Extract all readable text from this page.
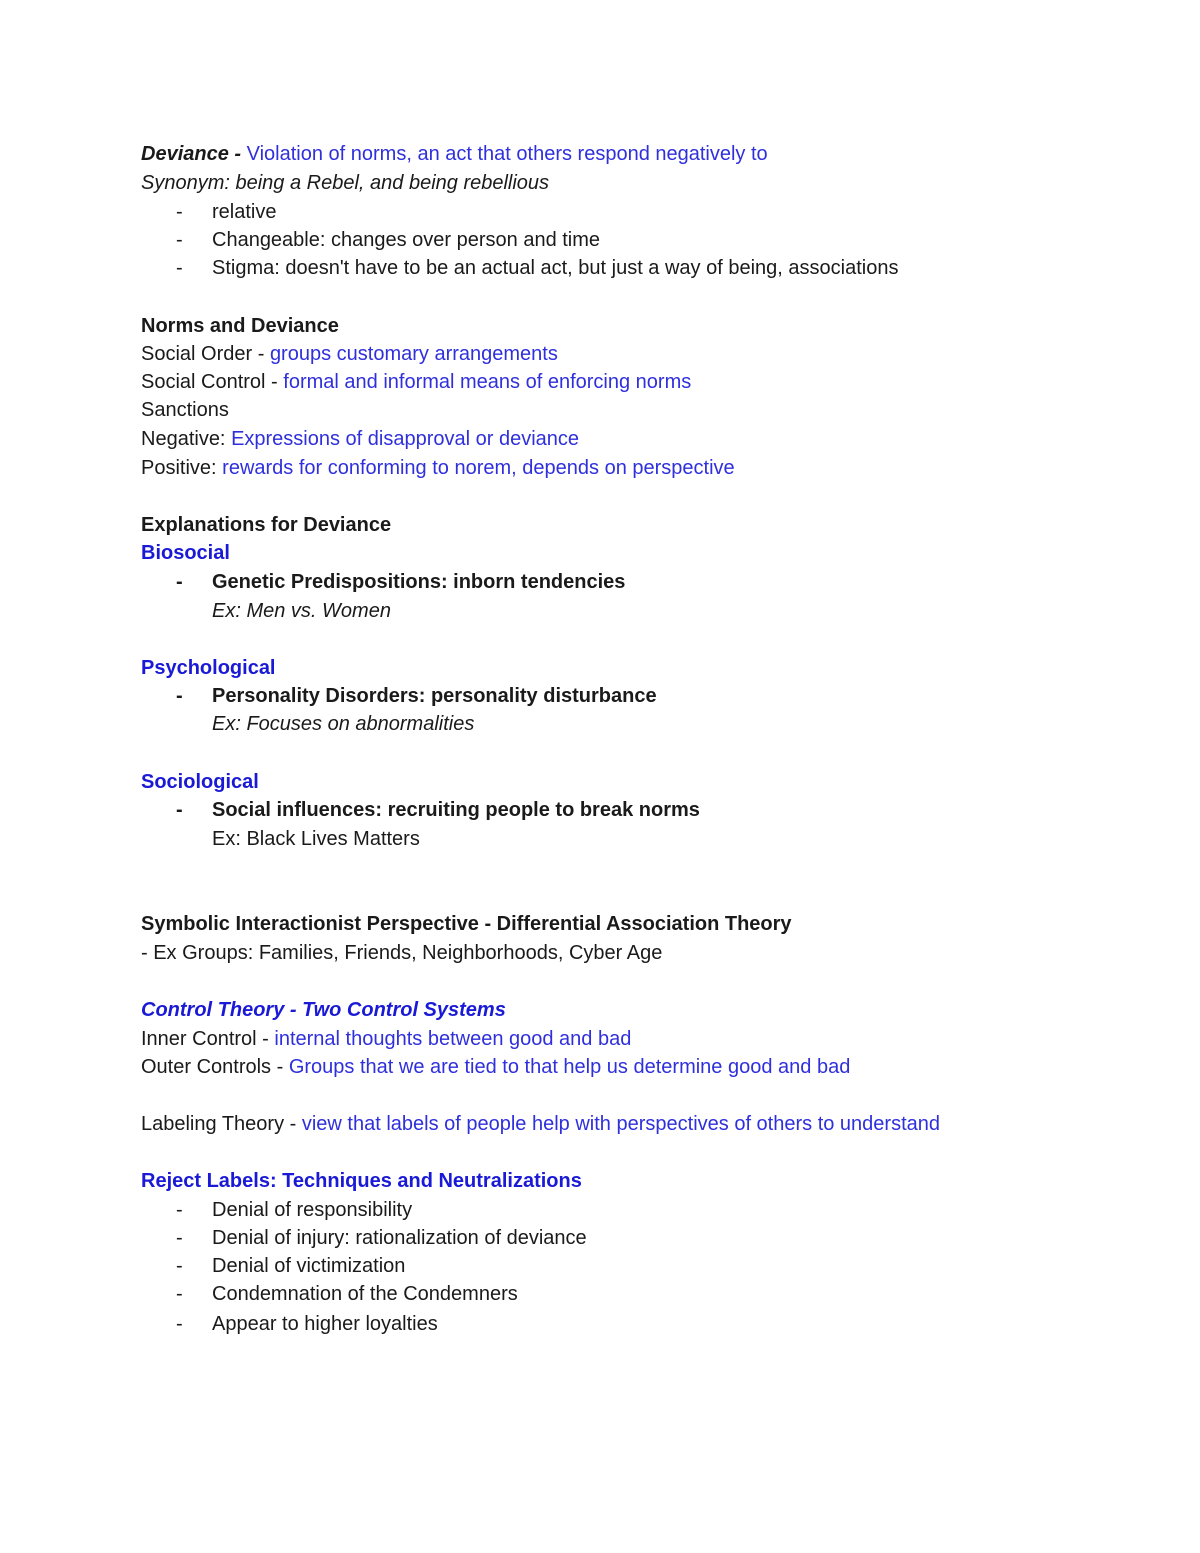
Deviance - Violation of norms, an act that others respond negatively to
Synonym: being a Rebel, and being rebellious
- relative
- Changeable: changes over person and time
- Stigma: doesn't have to be an actual act, but just a way of being, associations
Norms and Deviance
Social Order - groups customary arrangements
Social Control - formal and informal means of enforcing norms
Sanctions
Negative: Expressions of disapproval or deviance
Positive: rewards for conforming to norem, depends on perspective
Explanations for Deviance
Biosocial
- Genetic Predispositions: inborn tendencies
Ex: Men vs. Women
Psychological
- Personality Disorders: personality disturbance
Ex: Focuses on abnormalities
Sociological
- Social influences: recruiting people to break norms
Ex: Black Lives Matters
Symbolic Interactionist Perspective - Differential Association Theory
- Ex Groups: Families, Friends, Neighborhoods, Cyber Age
Control Theory - Two Control Systems
Inner Control - internal thoughts between good and bad
Outer Controls - Groups that we are tied to that help us determine good and bad
Labeling Theory - view that labels of people help with perspectives of others to understand
Reject Labels: Techniques and Neutralizations
- Denial of responsibility
- Denial of injury: rationalization of deviance
- Denial of victimization
- Condemnation of the Condemners
- Appear to higher loyalties
